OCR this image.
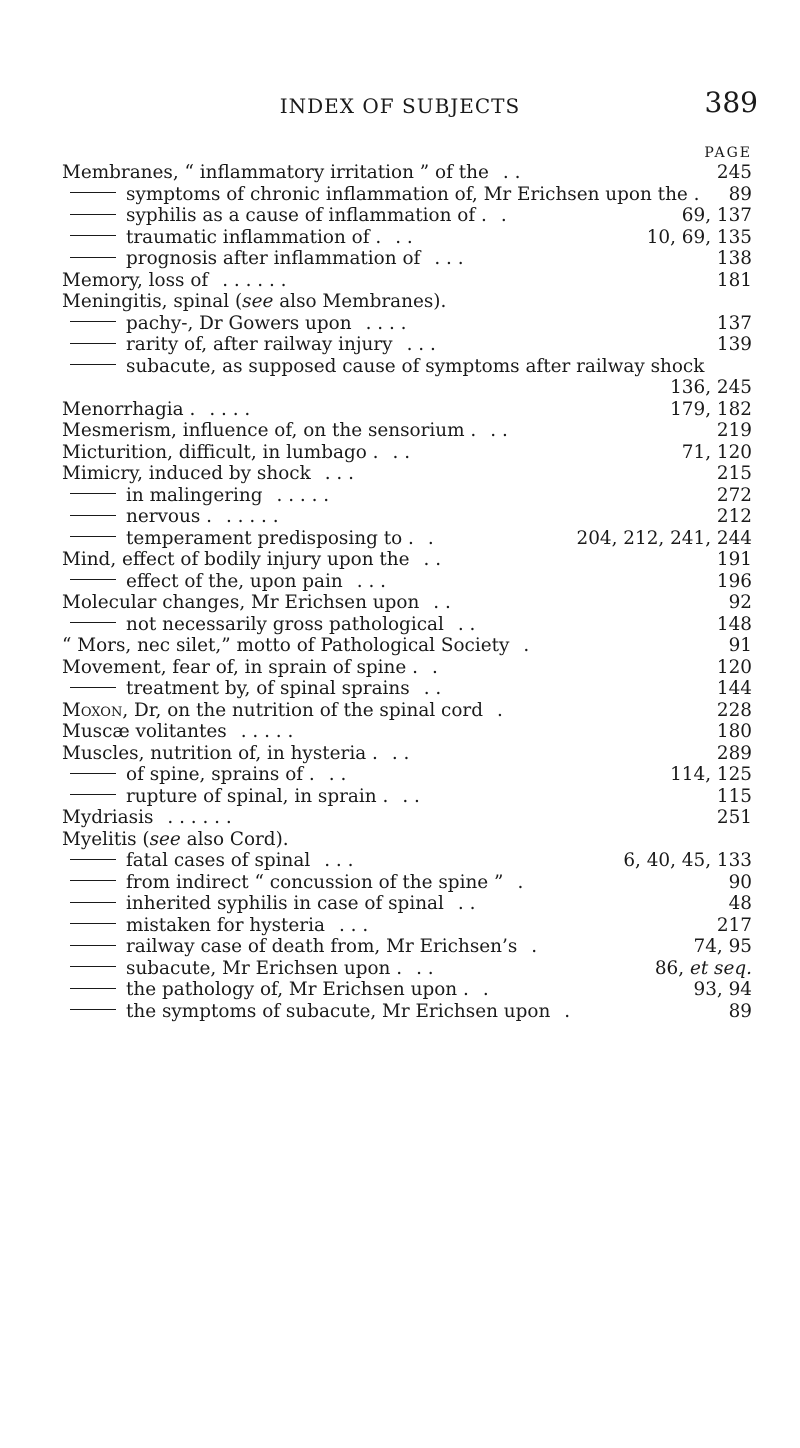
INDEX OF SUBJECTS	389
PAGE
Membranes, “ inflammatory irritation ” of the . .	245
symptoms of chronic inflammation of, Mr Erichsen upon the .	89
syphilis as a cause of inflammation of . .	69, 137
traumatic inflammation of . . .	10, 69, 135
prognosis after inflammation of . . .	138
Memory, loss of . . . . . .	181
Meningitis, spinal (see also Membranes).
pachy-, Dr Gowers upon . . . .	137
rarity of, after railway injury . . .	139
subacute, as supposed cause of symptoms after railway shock
136, 245
Menorrhagia . . . . .	179, 182
Mesmerism, influence of, on the sensorium . . .	219
Micturition, difficult, in lumbago . . .	71, 120
Mimicry, induced by shock . . .	215
in malingering . . . . .	272
nervous . . . . . .	212
temperament predisposing to . .	204, 212, 241, 244
Mind, effect of bodily injury upon the . .	191
effect of the, upon pain . . .	196
Molecular changes, Mr Erichsen upon . .	92
not necessarily gross pathological . .	148
“ Mors, nec silet,” motto of Pathological Society .	91
Movement, fear of, in sprain of spine . .	120
treatment by, of spinal sprains . .	144
Moxon, Dr, on the nutrition of the spinal cord .	228
Muscæ volitantes . . . . .	180
Muscles, nutrition of, in hysteria . . .	289
of spine, sprains of . . .	114, 125
rupture of spinal, in sprain . . .	115
Mydriasis . . . . . .	251
Myelitis (see also Cord).
fatal cases of spinal . . .	6, 40, 45, 133
from indirect “ concussion of the spine ” .	90
inherited syphilis in case of spinal . .	48
mistaken for hysteria . . .	217
railway case of death from, Mr Erichsen’s .	74, 95
subacute, Mr Erichsen upon . . .	86, et seq.
the pathology of, Mr Erichsen upon . .	93, 94
the symptoms of subacute, Mr Erichsen upon .	89
